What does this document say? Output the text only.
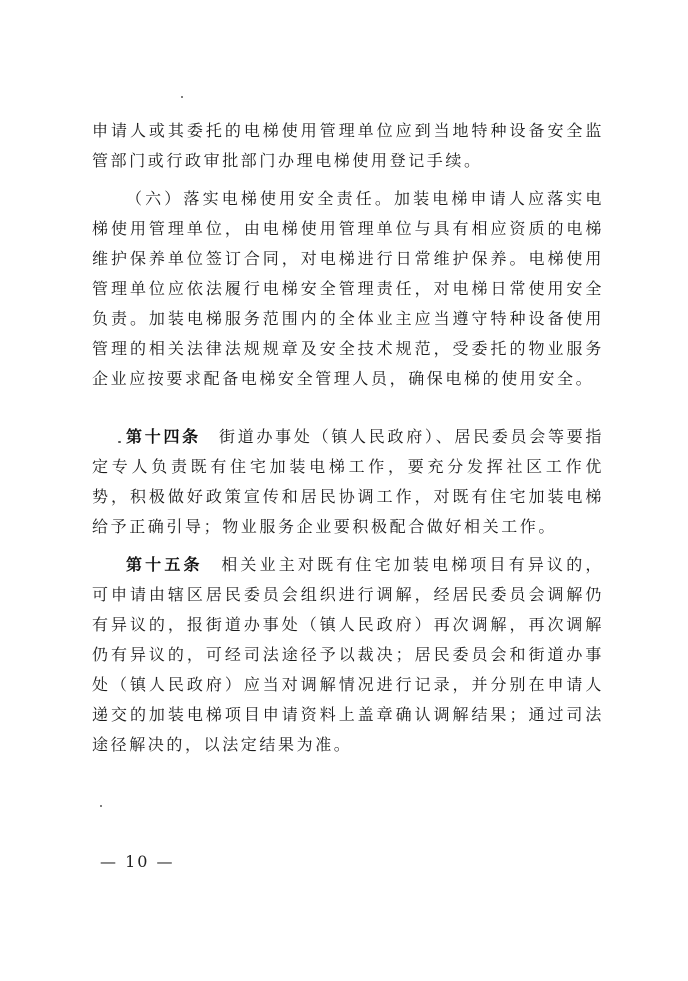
申请人或其委托的电梯使用管理单位应到当地特种设备安全监管部门或行政审批部门办理电梯使用登记手续。

（六）落实电梯使用安全责任。加装电梯申请人应落实电梯使用管理单位，由电梯使用管理单位与具有相应资质的电梯维护保养单位签订合同，对电梯进行日常维护保养。电梯使用管理单位应依法履行电梯安全管理责任，对电梯日常使用安全负责。加装电梯服务范围内的全体业主应当遵守特种设备使用管理的相关法律法规规章及安全技术规范，受委托的物业服务企业应按要求配备电梯安全管理人员，确保电梯的使用安全。

第十四条 街道办事处（镇人民政府）、居民委员会等要指定专人负责既有住宅加装电梯工作，要充分发挥社区工作优势，积极做好政策宣传和居民协调工作，对既有住宅加装电梯给予正确引导；物业服务企业要积极配合做好相关工作。

第十五条 相关业主对既有住宅加装电梯项目有异议的，可申请由辖区居民委员会组织进行调解，经居民委员会调解仍有异议的，报街道办事处（镇人民政府）再次调解，再次调解仍有异议的，可经司法途径予以裁决；居民委员会和街道办事处（镇人民政府）应当对调解情况进行记录，并分别在申请人递交的加装电梯项目申请资料上盖章确认调解结果；通过司法途径解决的，以法定结果为准。

— 10 —
